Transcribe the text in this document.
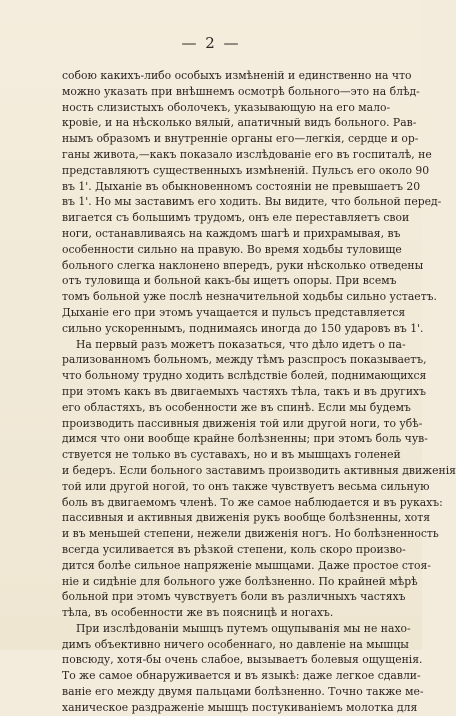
— 2 —
собою какихъ-либо особыхъ измѣненій и единственно на что
можно указать при внѣшнемъ осмотрѣ больного—это на блѣд-
ность слизистыхъ оболочекъ, указывающую на его мало-
кровіе, и на нѣсколько вялый, апатичный видъ больного. Рав-
нымъ образомъ и внутренніе органы его—легкія, сердце и ор-
ганы живота,—какъ показало изслѣдованіе его въ госпиталѣ, не
представляютъ существенныхъ измѣненій. Пульсъ его около 90
въ 1'. Дыханіе въ обыкновенномъ состояніи не превышаетъ 20
въ 1'. Но мы заставимъ его ходить. Вы видите, что больной перед-
вигается съ большимъ трудомъ, онъ еле переставляетъ свои
ноги, останавливаясь на каждомъ шагѣ и прихрамывая, въ
особенности сильно на правую. Во время ходьбы туловище
больного слегка наклонено впередъ, руки нѣсколько отведены
отъ туловища и больной какъ-бы ищетъ опоры. При всемъ
томъ больной уже послѣ незначительной ходьбы сильно устаетъ.
Дыханіе его при этомъ учащается и пульсъ представляется
сильно ускореннымъ, поднимаясь иногда до 150 ударовъ въ 1'.
На первый разъ можетъ показаться, что дѣло идетъ о па-
рализованномъ больномъ, между тѣмъ разспросъ показываетъ,
что больному трудно ходить вслѣдствіе болей, поднимающихся
при этомъ какъ въ двигаемыхъ частяхъ тѣла, такъ и въ другихъ
его областяхъ, въ особенности же въ спинѣ. Если мы будемъ
производить пассивныя движенія той или другой ноги, то убѣ-
димся что они вообще крайне болѣзненны; при этомъ боль чув-
ствуется не только въ суставахъ, но и въ мышцахъ голеней
и бедеръ. Если больного заставимъ производить активныя движенія
той или другой ногой, то онъ также чувствуетъ весьма сильную
боль въ двигаемомъ членѣ. То же самое наблюдается и въ рукахъ:
пассивныя и активныя движенія рукъ вообще болѣзненны, хотя
и въ меньшей степени, нежели движенія ногъ. Но болѣзненность
всегда усиливается въ рѣзкой степени, коль скоро произво-
дится болѣе сильное напряженіе мышцами. Даже простое стоя-
ніе и сидѣніе для больного уже болѣзненно. По крайней мѣрѣ
больной при этомъ чувствуетъ боли въ различныхъ частяхъ
тѣла, въ особенности же въ поясницѣ и ногахъ.
При изслѣдованіи мышцъ путемъ ощупыванія мы не нахо-
димъ объективно ничего особеннаго, но давленіе на мышцы
повсюду, хотя-бы очень слабое, вызываетъ болевыя ощущенія.
То же самое обнаруживается и въ языкѣ: даже легкое сдавли-
ваніе его между двумя пальцами болѣзненно. Точно также ме-
ханическое раздраженіе мышцъ постукиваніемъ молотка для
